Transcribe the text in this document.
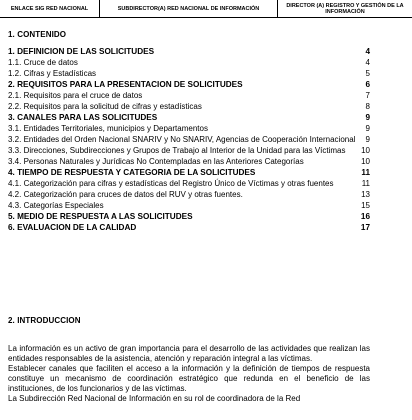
ENLACE SIG RED NACIONAL	SUBDIRECTOR(A) RED NACIONAL DE INFORMACIÓN	DIRECTOR (A) REGISTRO Y GESTIÓN DE LA INFORMACIÓN
1. CONTENIDO
1. DEFINICION DE LAS SOLICITUDES	4
1.1. Cruce de datos	4
1.2. Cifras y Estadísticas	5
2. REQUISITOS PARA LA PRESENTACION DE SOLICITUDES	6
2.1. Requisitos para el cruce de datos	7
2.2. Requisitos para la solicitud de cifras y estadísticas	8
3. CANALES PARA LAS SOLICITUDES	9
3.1. Entidades Territoriales, municipios y Departamentos	9
3.2. Entidades del Orden Nacional SNARIV y No SNARIV, Agencias de Cooperación Internacional	9
3.3. Direcciones, Subdirecciones y Grupos de Trabajo al Interior de la Unidad para las Víctimas	10
3.4. Personas Naturales y Jurídicas No Contempladas en las Anteriores Categorías	10
4. TIEMPO DE RESPUESTA Y CATEGORIA DE LA SOLICITUDES	11
4.1. Categorización para cifras y estadísticas del Registro Único de Víctimas y otras fuentes	11
4.2. Categorización para cruces de datos del RUV y otras fuentes.	13
4.3. Categorías Especiales	15
5. MEDIO DE RESPUESTA A LAS SOLICITUDES	16
6. EVALUACION DE LA CALIDAD	17
2. INTRODUCCION

La información es un activo de gran importancia para el desarrollo de las actividades que realizan las entidades responsables de la asistencia, atención y reparación integral a las víctimas.

Establecer canales que faciliten el acceso a la información y la definición de tiempos de respuesta constituye un mecanismo de coordinación estratégico que redunda en el beneficio de las instituciones, de los funcionarios y de las víctimas.

La Subdirección Red Nacional de Información en su rol de coordinadora de la Red
